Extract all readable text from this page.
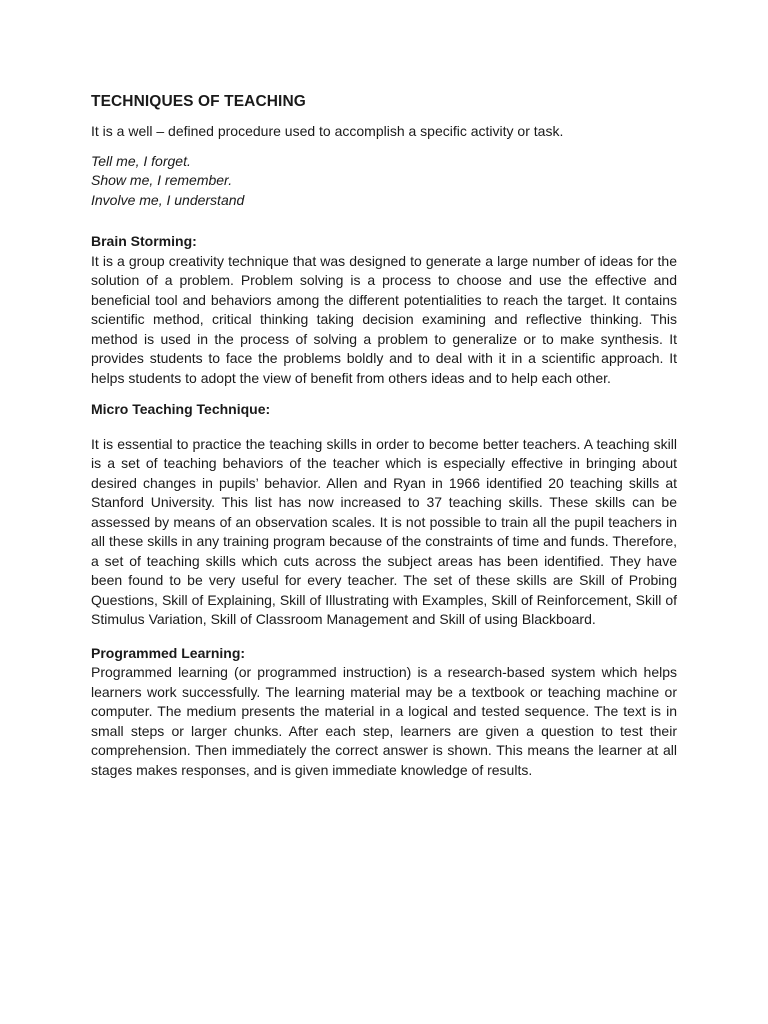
TECHNIQUES OF TEACHING

It is a well – defined procedure used to accomplish a specific activity or task.

Tell me, I forget.

Show me, I remember.

Involve me, I understand

Brain Storming:

It is a group creativity technique that was designed to generate a large number of ideas for the solution of a problem. Problem solving is a process to choose and use the effective and beneficial tool and behaviors among the different potentialities to reach the target. It contains scientific method, critical thinking taking decision examining and reflective thinking. This method is used in the process of solving a problem to generalize or to make synthesis. It provides students to face the problems boldly and to deal with it in a scientific approach. It helps students to adopt the view of benefit from others ideas and to help each other.

Micro Teaching Technique:

It is essential to practice the teaching skills in order to become better teachers. A teaching skill is a set of teaching behaviors of the teacher which is especially effective in bringing about desired changes in pupils’ behavior. Allen and Ryan in 1966 identified 20 teaching skills at Stanford University. This list has now increased to 37 teaching skills. These skills can be assessed by means of an observation scales. It is not possible to train all the pupil teachers in all these skills in any training program because of the constraints of time and funds. Therefore, a set of teaching skills which cuts across the subject areas has been identified. They have been found to be very useful for every teacher. The set of these skills are Skill of Probing Questions, Skill of Explaining, Skill of Illustrating with Examples, Skill of Reinforcement, Skill of Stimulus Variation, Skill of Classroom Management and Skill of using Blackboard.

Programmed Learning:

Programmed learning (or programmed instruction) is a research-based system which helps learners work successfully. The learning material may be a textbook or teaching machine or computer. The medium presents the material in a logical and tested sequence. The text is in small steps or larger chunks. After each step, learners are given a question to test their comprehension. Then immediately the correct answer is shown. This means the learner at all stages makes responses, and is given immediate knowledge of results.
